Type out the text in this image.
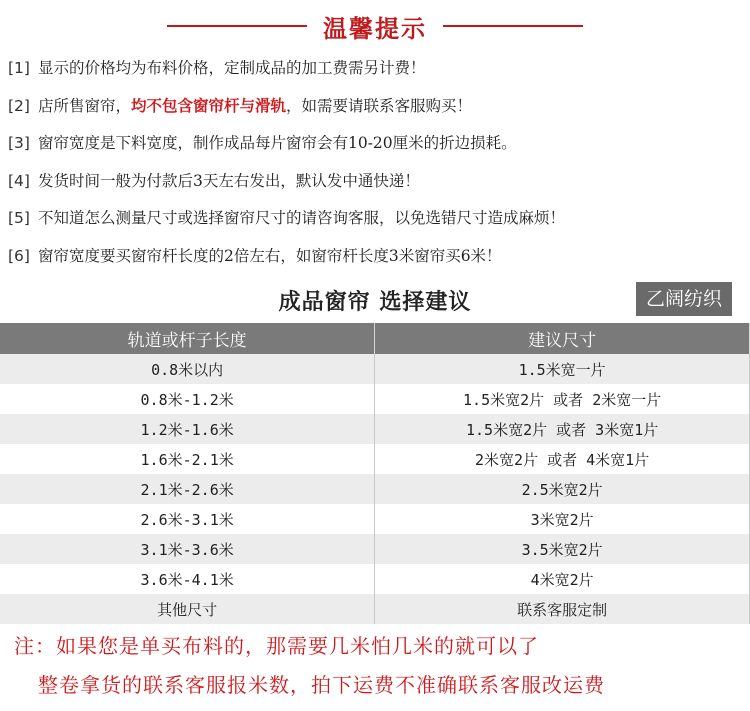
温馨提示
[1] 显示的价格均为布料价格，定制成品的加工费需另计费！
[2] 店所售窗帘，均不包含窗帘杆与滑轨，如需要请联系客服购买！
[3] 窗帘宽度是下料宽度，制作成品每片窗帘会有10-20厘米的折边损耗。
[4] 发货时间一般为付款后3天左右发出，默认发中通快递！
[5] 不知道怎么测量尺寸或选择窗帘尺寸的请咨询客服，以免选错尺寸造成麻烦！
[6] 窗帘宽度要买窗帘杆长度的2倍左右，如窗帘杆长度3米窗帘买6米！
成品窗帘 选择建议	乙阔纺织
轨道或杆子长度	建议尺寸
0.8米以内	1.5米宽一片
0.8米-1.2米	1.5米宽2片 或者 2米宽一片
1.2米-1.6米	1.5米宽2片 或者 3米宽1片
1.6米-2.1米	2米宽2片 或者 4米宽1片
2.1米-2.6米	2.5米宽2片
2.6米-3.1米	3米宽2片
3.1米-3.6米	3.5米宽2片
3.6米-4.1米	4米宽2片
其他尺寸	联系客服定制
注：如果您是单买布料的，那需要几米怕几米的就可以了
整卷拿货的联系客服报米数，拍下运费不准确联系客服改运费
